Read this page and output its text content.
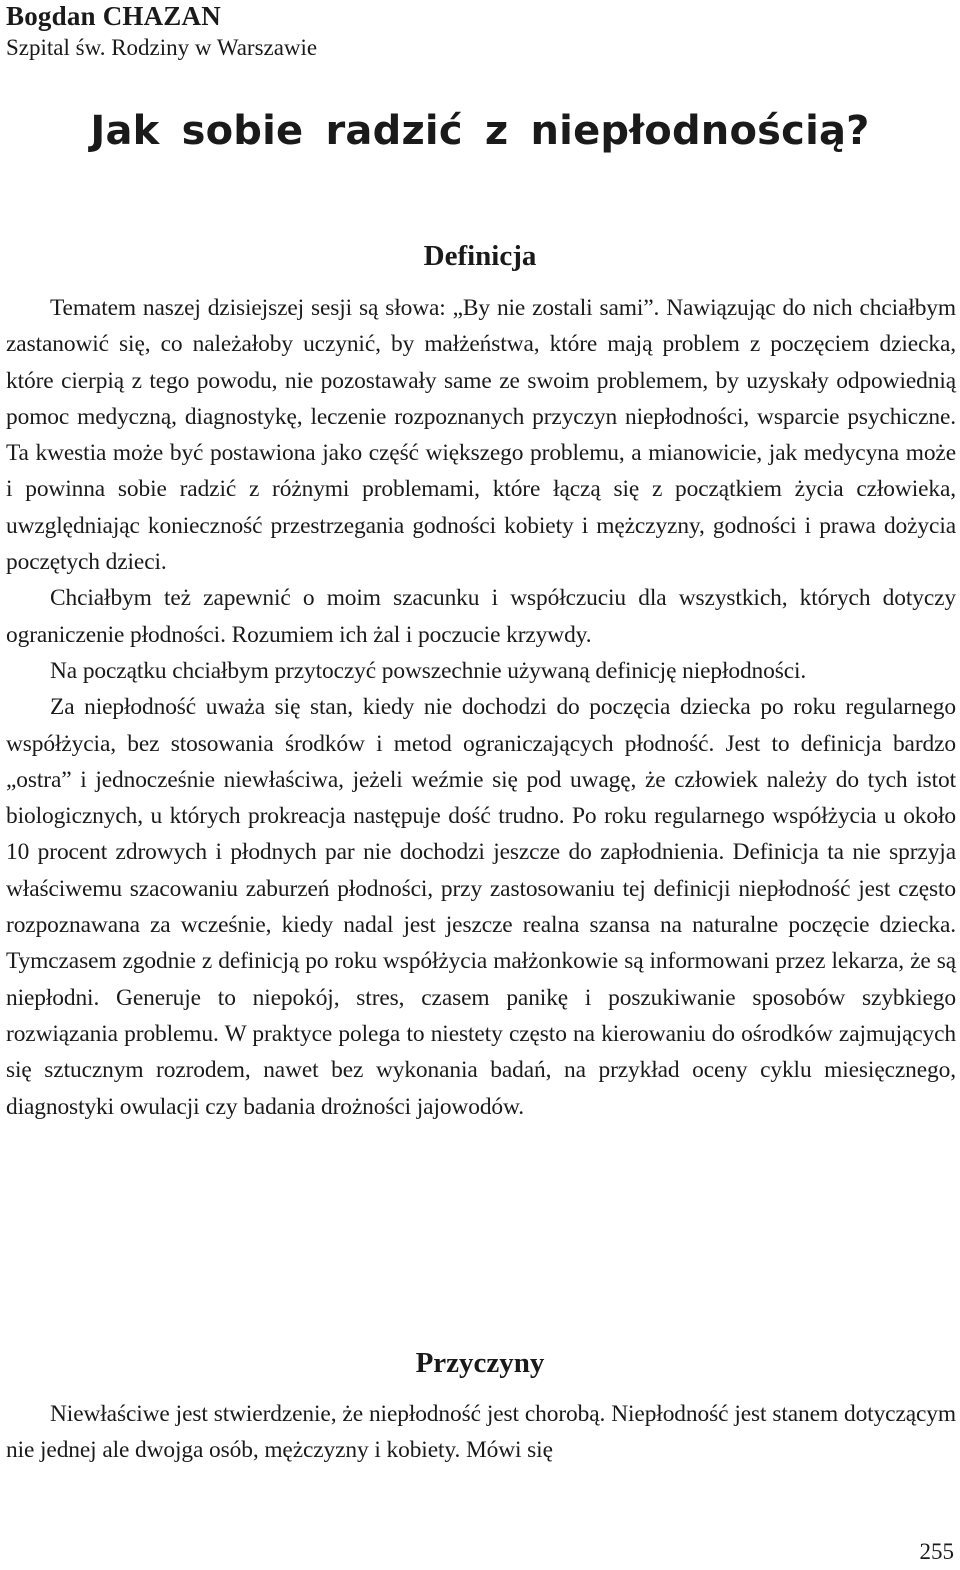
Bogdan CHAZAN
Szpital św. Rodziny w Warszawie
Jak sobie radzić z niepłodnością?
Definicja

Tematem naszej dzisiejszej sesji są słowa: „By nie zostali sami”. Nawiązując do nich chciałbym zastanowić się, co należałoby uczynić, by małżeństwa, które mają problem z poczęciem dziecka, które cierpią z tego powodu, nie pozostawały same ze swoim problemem, by uzyskały odpowiednią pomoc medyczną, diagnostykę, leczenie rozpoznanych przyczyn niepłodności, wsparcie psychiczne. Ta kwestia może być postawiona jako część większego problemu, a mianowicie, jak medycyna może i powinna sobie radzić z różnymi problemami, które łączą się z początkiem życia człowieka, uwzględniając konieczność przestrzegania godności kobiety i mężczyzny, godności i prawa dożycia poczętych dzieci.

Chciałbym też zapewnić o moim szacunku i współczuciu dla wszystkich, których dotyczy ograniczenie płodności. Rozumiem ich żal i poczucie krzywdy.

Na początku chciałbym przytoczyć powszechnie używaną definicję niepłodności.

Za niepłodność uważa się stan, kiedy nie dochodzi do poczęcia dziecka po roku regularnego współżycia, bez stosowania środków i metod ograniczających płodność. Jest to definicja bardzo „ostra” i jednocześnie niewłaściwa, jeżeli weźmie się pod uwagę, że człowiek należy do tych istot biologicznych, u których prokreacja następuje dość trudno. Po roku regularnego współżycia u około 10 procent zdrowych i płodnych par nie dochodzi jeszcze do zapłodnienia. Definicja ta nie sprzyja właściwemu szacowaniu zaburzeń płodności, przy zastosowaniu tej definicji niepłodność jest często rozpoznawana za wcześnie, kiedy nadal jest jeszcze realna szansa na naturalne poczęcie dziecka. Tymczasem zgodnie z definicją po roku współżycia małżonkowie są informowani przez lekarza, że są niepłodni. Generuje to niepokój, stres, czasem panikę i poszukiwanie sposobów szybkiego rozwiązania problemu. W praktyce polega to niestety często na kierowaniu do ośrodków zajmujących się sztucznym rozrodem, nawet bez wykonania badań, na przykład oceny cyklu miesięcznego, diagnostyki owulacji czy badania drożności jajowodów.

Przyczyny

Niewłaściwe jest stwierdzenie, że niepłodność jest chorobą. Niepłodność jest stanem dotyczącym nie jednej ale dwojga osób, mężczyzny i kobiety. Mówi się

255
